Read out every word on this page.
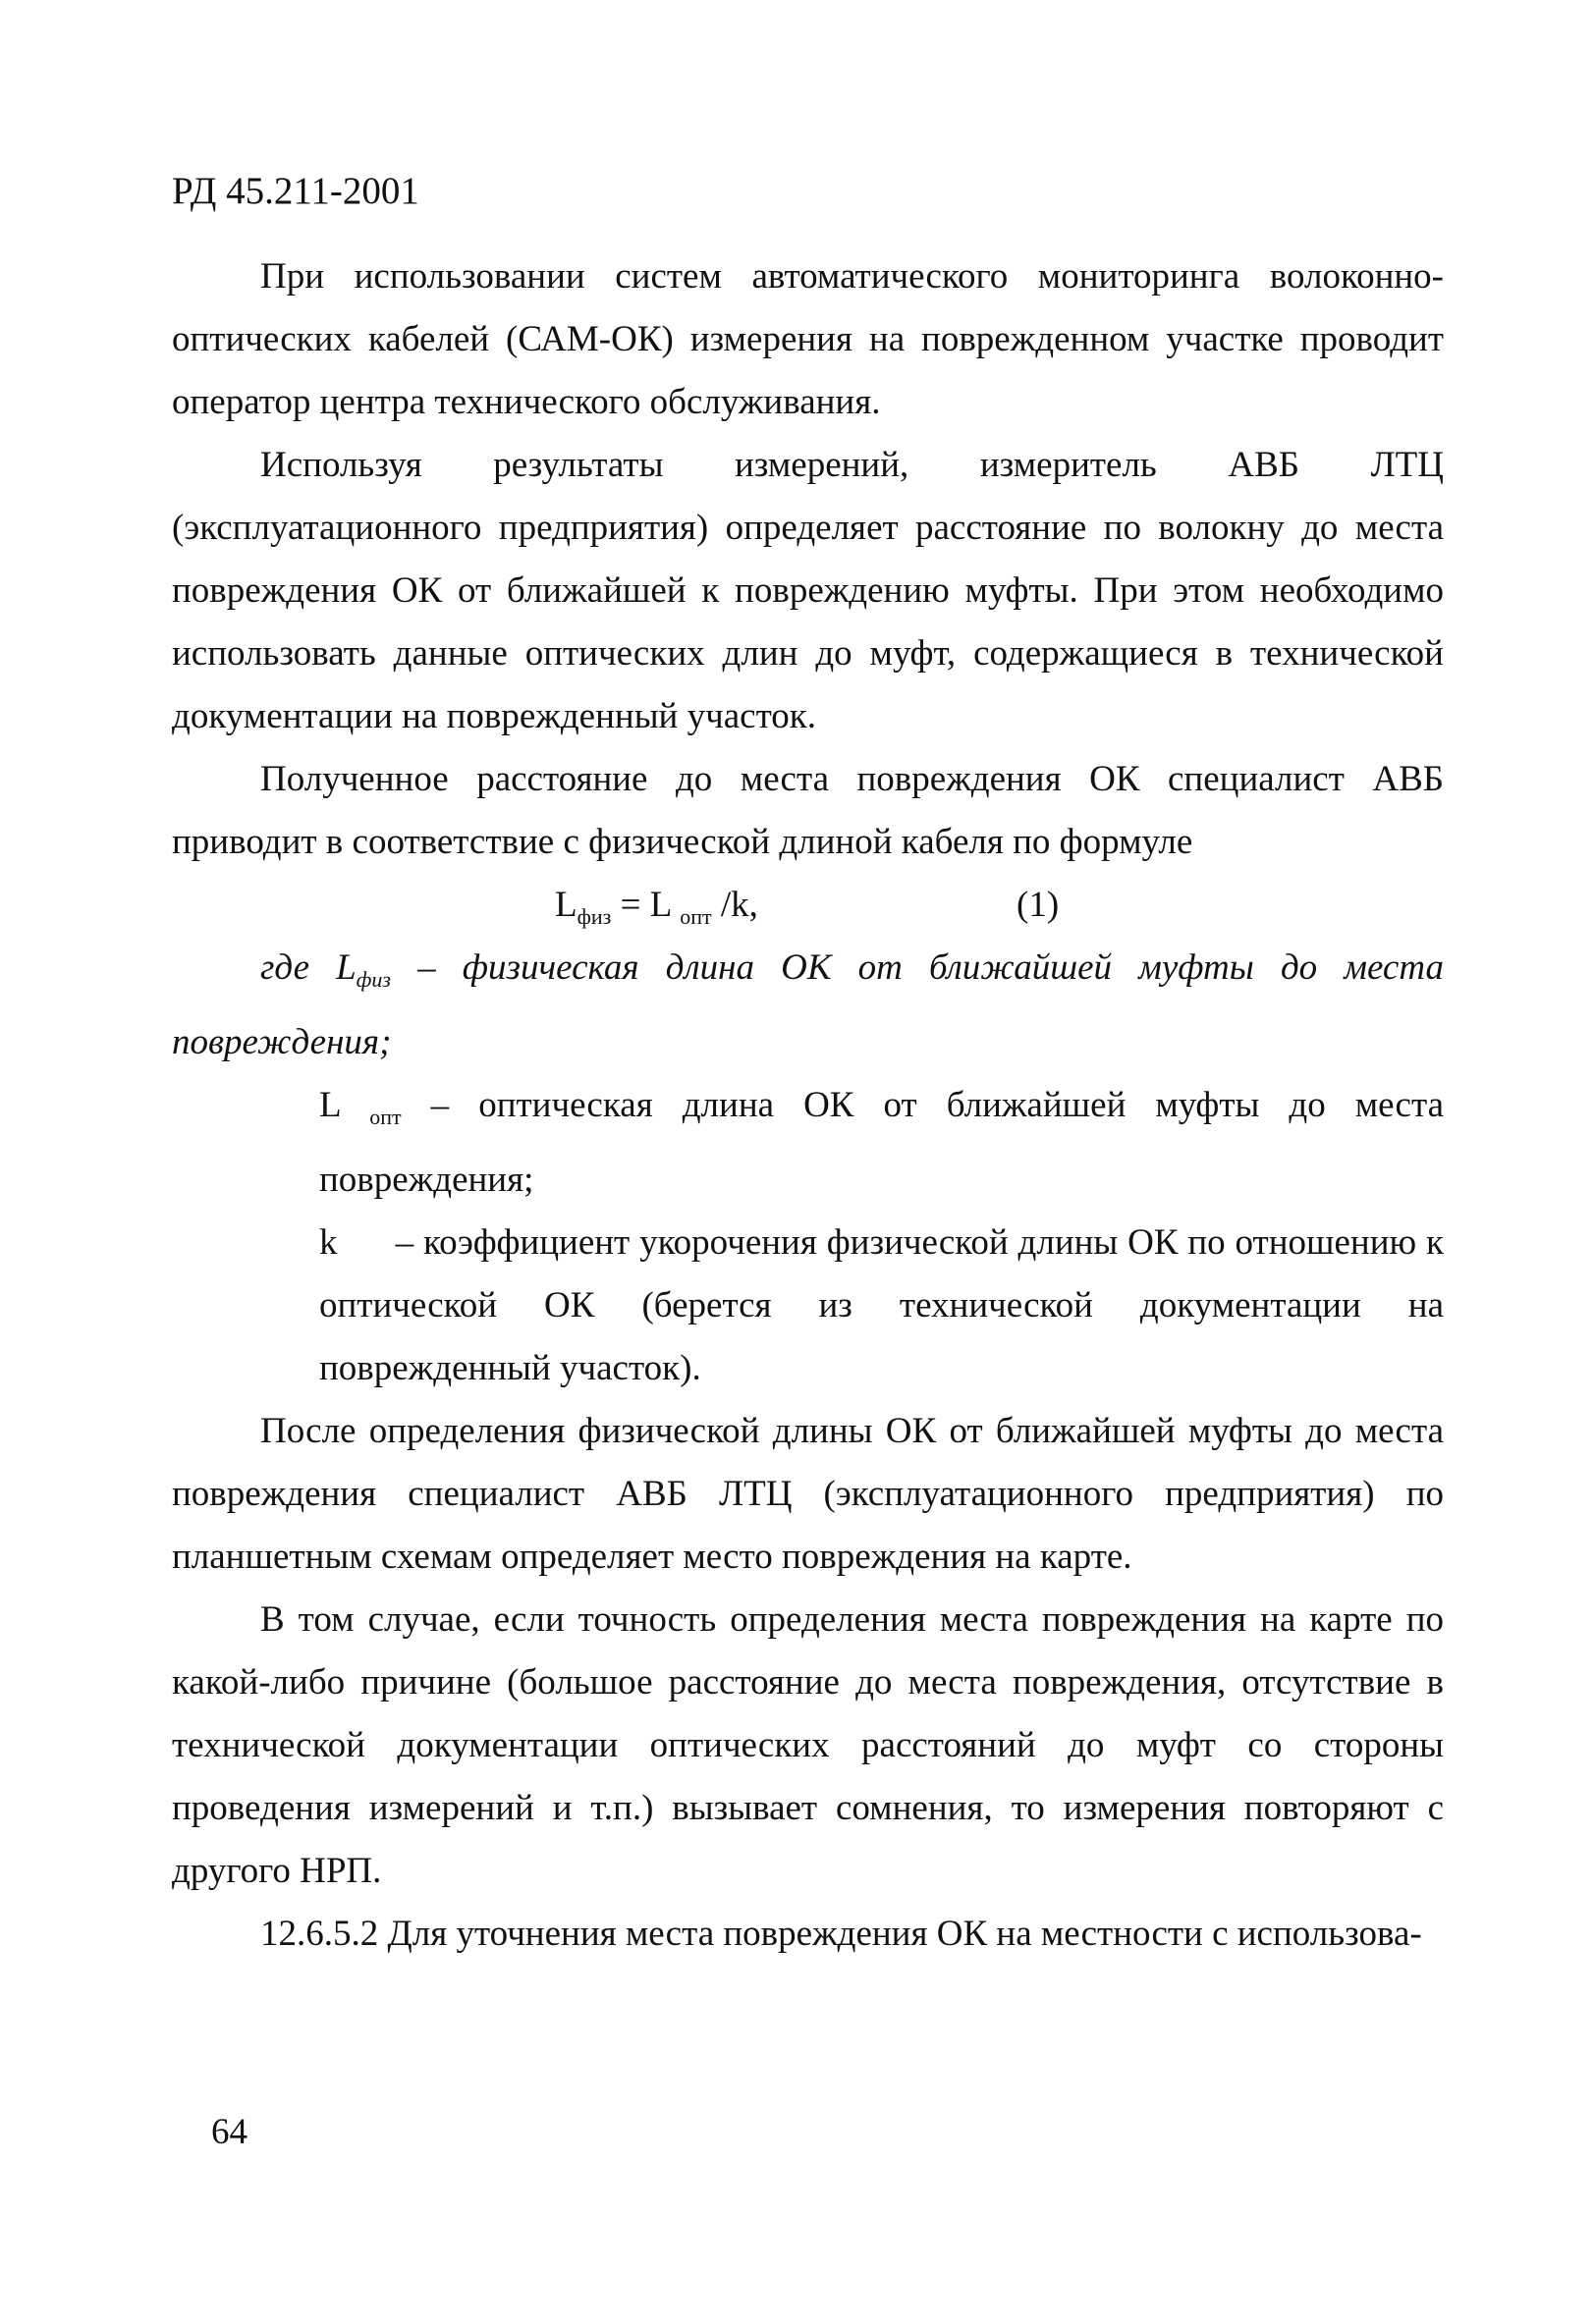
РД 45.211-2001

При использовании систем автоматического мониторинга волоконно-оптических кабелей (САМ-ОК) измерения на поврежденном участке проводит оператор центра технического обслуживания.

Используя результаты измерений, измеритель АВБ ЛТЦ (эксплуатационного предприятия) определяет расстояние по волокну до места повреждения ОК от ближайшей к повреждению муфты. При этом необходимо использовать данные оптических длин до муфт, содержащиеся в технической документации на поврежденный участок.

Полученное расстояние до места повреждения ОК специалист АВБ приводит в соответствие с физической длиной кабеля по формуле

$L_{физ} = L$ $_{опт}$ /k,	(1)

где $L_{физ}$ – физическая длина ОК от ближайшей муфты до места повреждения;

L $_{опт}$ – оптическая длина ОК от ближайшей муфты до места повреждения;

k – коэффициент укорочения физической длины ОК по отношению к оптической ОК (берется из технической документации на поврежденный участок).

После определения физической длины ОК от ближайшей муфты до места повреждения специалист АВБ ЛТЦ (эксплуатационного предприятия) по планшетным схемам определяет место повреждения на карте.

В том случае, если точность определения места повреждения на карте по какой-либо причине (большое расстояние до места повреждения, отсутствие в технической документации оптических расстояний до муфт со стороны проведения измерений и т.п.) вызывает сомнения, то измерения повторяют с другого НРП.

12.6.5.2 Для уточнения места повреждения ОК на местности с использова-

64
